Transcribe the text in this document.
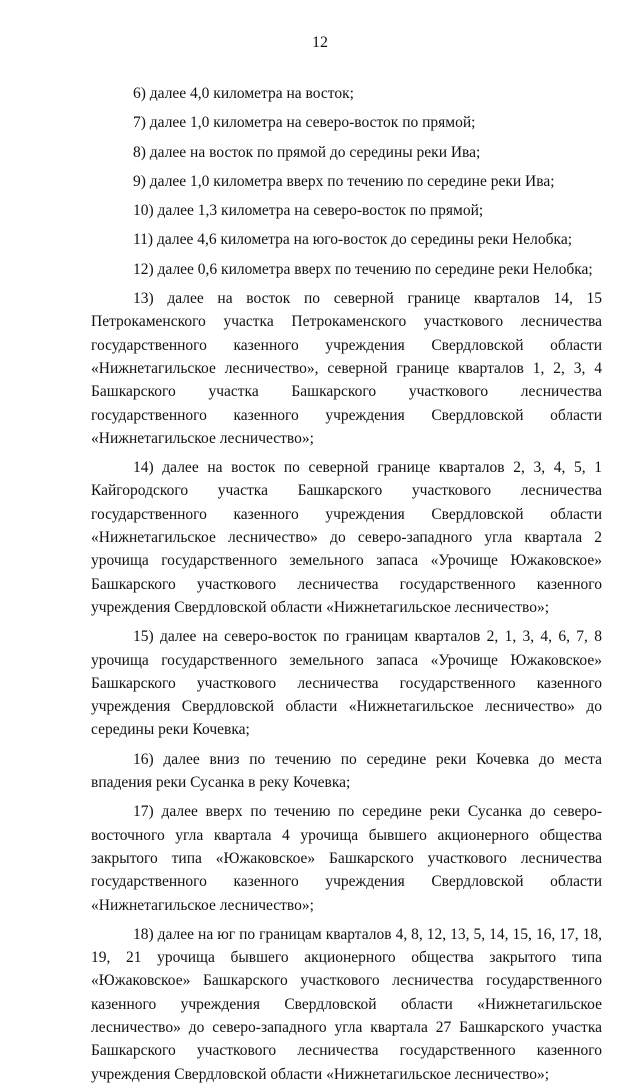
12

6) далее 4,0 километра на восток;

7) далее 1,0 километра на северо-восток по прямой;

8) далее на восток по прямой до середины реки Ива;

9) далее 1,0 километра вверх по течению по середине реки Ива;

10) далее 1,3 километра на северо-восток по прямой;

11) далее 4,6 километра на юго-восток до середины реки Нелобка;

12) далее 0,6 километра вверх по течению по середине реки Нелобка;

13) далее на восток по северной границе кварталов 14, 15 Петрокаменского участка Петрокаменского участкового лесничества государственного казенного учреждения Свердловской области «Нижнетагильское лесничество», северной границе кварталов 1, 2, 3, 4 Башкарского участка Башкарского участкового лесничества государственного казенного учреждения Свердловской области «Нижнетагильское лесничество»;

14) далее на восток по северной границе кварталов 2, 3, 4, 5, 1 Кайгородского участка Башкарского участкового лесничества государственного казенного учреждения Свердловской области «Нижнетагильское лесничество» до северо-западного угла квартала 2 урочища государственного земельного запаса «Урочище Южаковское» Башкарского участкового лесничества государственного казенного учреждения Свердловской области «Нижнетагильское лесничество»;

15) далее на северо-восток по границам кварталов 2, 1, 3, 4, 6, 7, 8 урочища государственного земельного запаса «Урочище Южаковское» Башкарского участкового лесничества государственного казенного учреждения Свердловской области «Нижнетагильское лесничество» до середины реки Кочевка;

16) далее вниз по течению по середине реки Кочевка до места впадения реки Сусанка в реку Кочевка;

17) далее вверх по течению по середине реки Сусанка до северо-восточного угла квартала 4 урочища бывшего акционерного общества закрытого типа «Южаковское» Башкарского участкового лесничества государственного казенного учреждения Свердловской области «Нижнетагильское лесничество»;

18) далее на юг по границам кварталов 4, 8, 12, 13, 5, 14, 15, 16, 17, 18, 19, 21 урочища бывшего акционерного общества закрытого типа «Южаковское» Башкарского участкового лесничества государственного казенного учреждения Свердловской области «Нижнетагильское лесничество» до северо-западного угла квартала 27 Башкарского участка Башкарского участкового лесничества государственного казенного учреждения Свердловской области «Нижнетагильское лесничество»;
